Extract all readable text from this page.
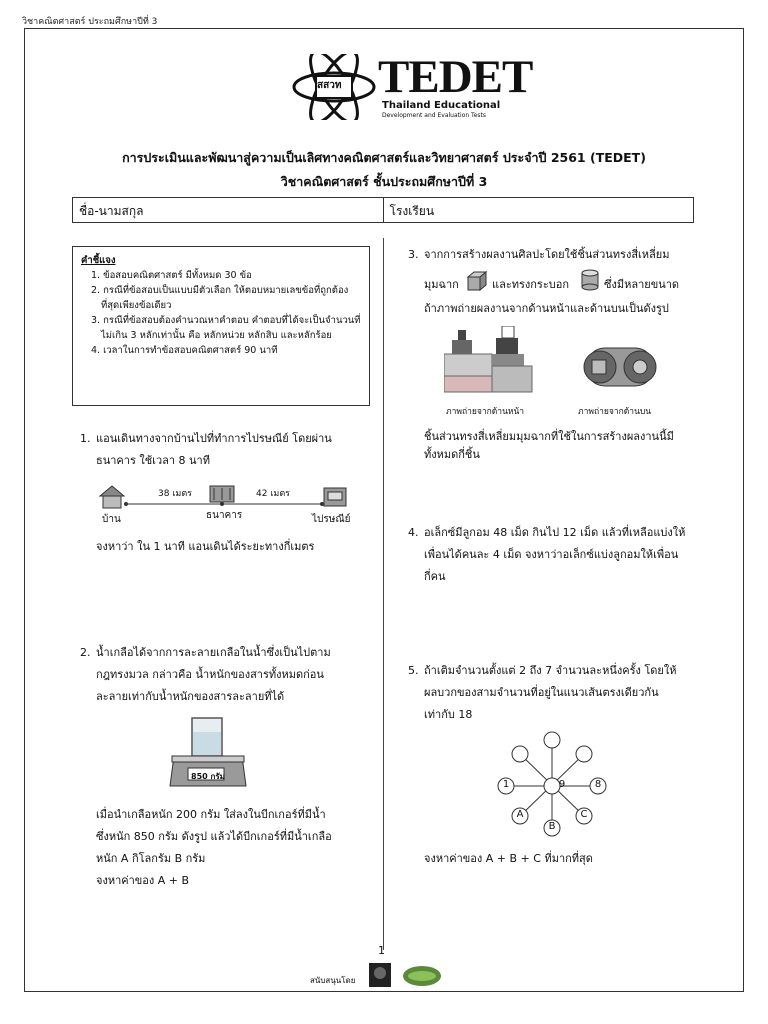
วิชาคณิตศาสตร์ ประถมศึกษาปีที่ 3
สสวท TEDET
Thailand Educational
Development and Evaluation Tests
การประเมินและพัฒนาสู่ความเป็นเลิศทางคณิตศาสตร์และวิทยาศาสตร์ ประจำปี 2561 (TEDET)
วิชาคณิตศาสตร์ ชั้นประถมศึกษาปีที่ 3
ชื่อ-นามสกุล	โรงเรียน
คำชี้แจง
1. ข้อสอบคณิตศาสตร์ มีทั้งหมด 30 ข้อ
2. กรณีที่ข้อสอบเป็นแบบมีตัวเลือก ให้ตอบหมายเลขข้อที่ถูกต้องที่สุดเพียงข้อเดียว
3. กรณีที่ข้อสอบต้องคำนวณหาคำตอบ คำตอบที่ได้จะเป็นจำนวนที่ไม่เกิน 3 หลักเท่านั้น คือ หลักหน่วย หลักสิบ และหลักร้อย
4. เวลาในการทำข้อสอบคณิตศาสตร์ 90 นาที
1. แอนเดินทางจากบ้านไปที่ทำการไปรษณีย์ โดยผ่าน
ธนาคาร ใช้เวลา 8 นาที
38 เมตร	42 เมตร
บ้าน	ธนาคาร	ไปรษณีย์
จงหาว่า ใน 1 นาที แอนเดินได้ระยะทางกี่เมตร
2. น้ำเกลือได้จากการละลายเกลือในน้ำซึ่งเป็นไปตาม
กฎทรงมวล กล่าวคือ น้ำหนักของสารทั้งหมดก่อน
ละลายเท่ากับน้ำหนักของสารละลายที่ได้
850 กรัม
เมื่อนำเกลือหนัก 200 กรัม ใส่ลงในบีกเกอร์ที่มีน้ำ
ซึ่งหนัก 850 กรัม ดังรูป แล้วได้บีกเกอร์ที่มีน้ำเกลือ
หนัก A กิโลกรัม B กรัม
จงหาค่าของ A + B
3. จากการสร้างผลงานศิลปะโดยใช้ชิ้นส่วนทรงสี่เหลี่ยม
มุมฉาก	และทรงกระบอก	ซึ่งมีหลายขนาด
ถ้าภาพถ่ายผลงานจากด้านหน้าและด้านบนเป็นดังรูป
ภาพถ่ายจากด้านหน้า	ภาพถ่ายจากด้านบน
ชิ้นส่วนทรงสี่เหลี่ยมมุมฉากที่ใช้ในการสร้างผลงานนี้มี
ทั้งหมดกี่ชิ้น
4. อเล็กซ์มีลูกอม 48 เม็ด กินไป 12 เม็ด แล้วที่เหลือแบ่งให้
เพื่อนได้คนละ 4 เม็ด จงหาว่าอเล็กซ์แบ่งลูกอมให้เพื่อน
กี่คน
5. ถ้าเติมจำนวนตั้งแต่ 2 ถึง 7 จำนวนละหนึ่งครั้ง โดยให้
ผลบวกของสามจำนวนที่อยู่ในแนวเส้นตรงเดียวกัน
เท่ากับ 18
9
1	8
A
B
C
จงหาค่าของ A + B + C ที่มากที่สุด
1
สนับสนุนโดย
